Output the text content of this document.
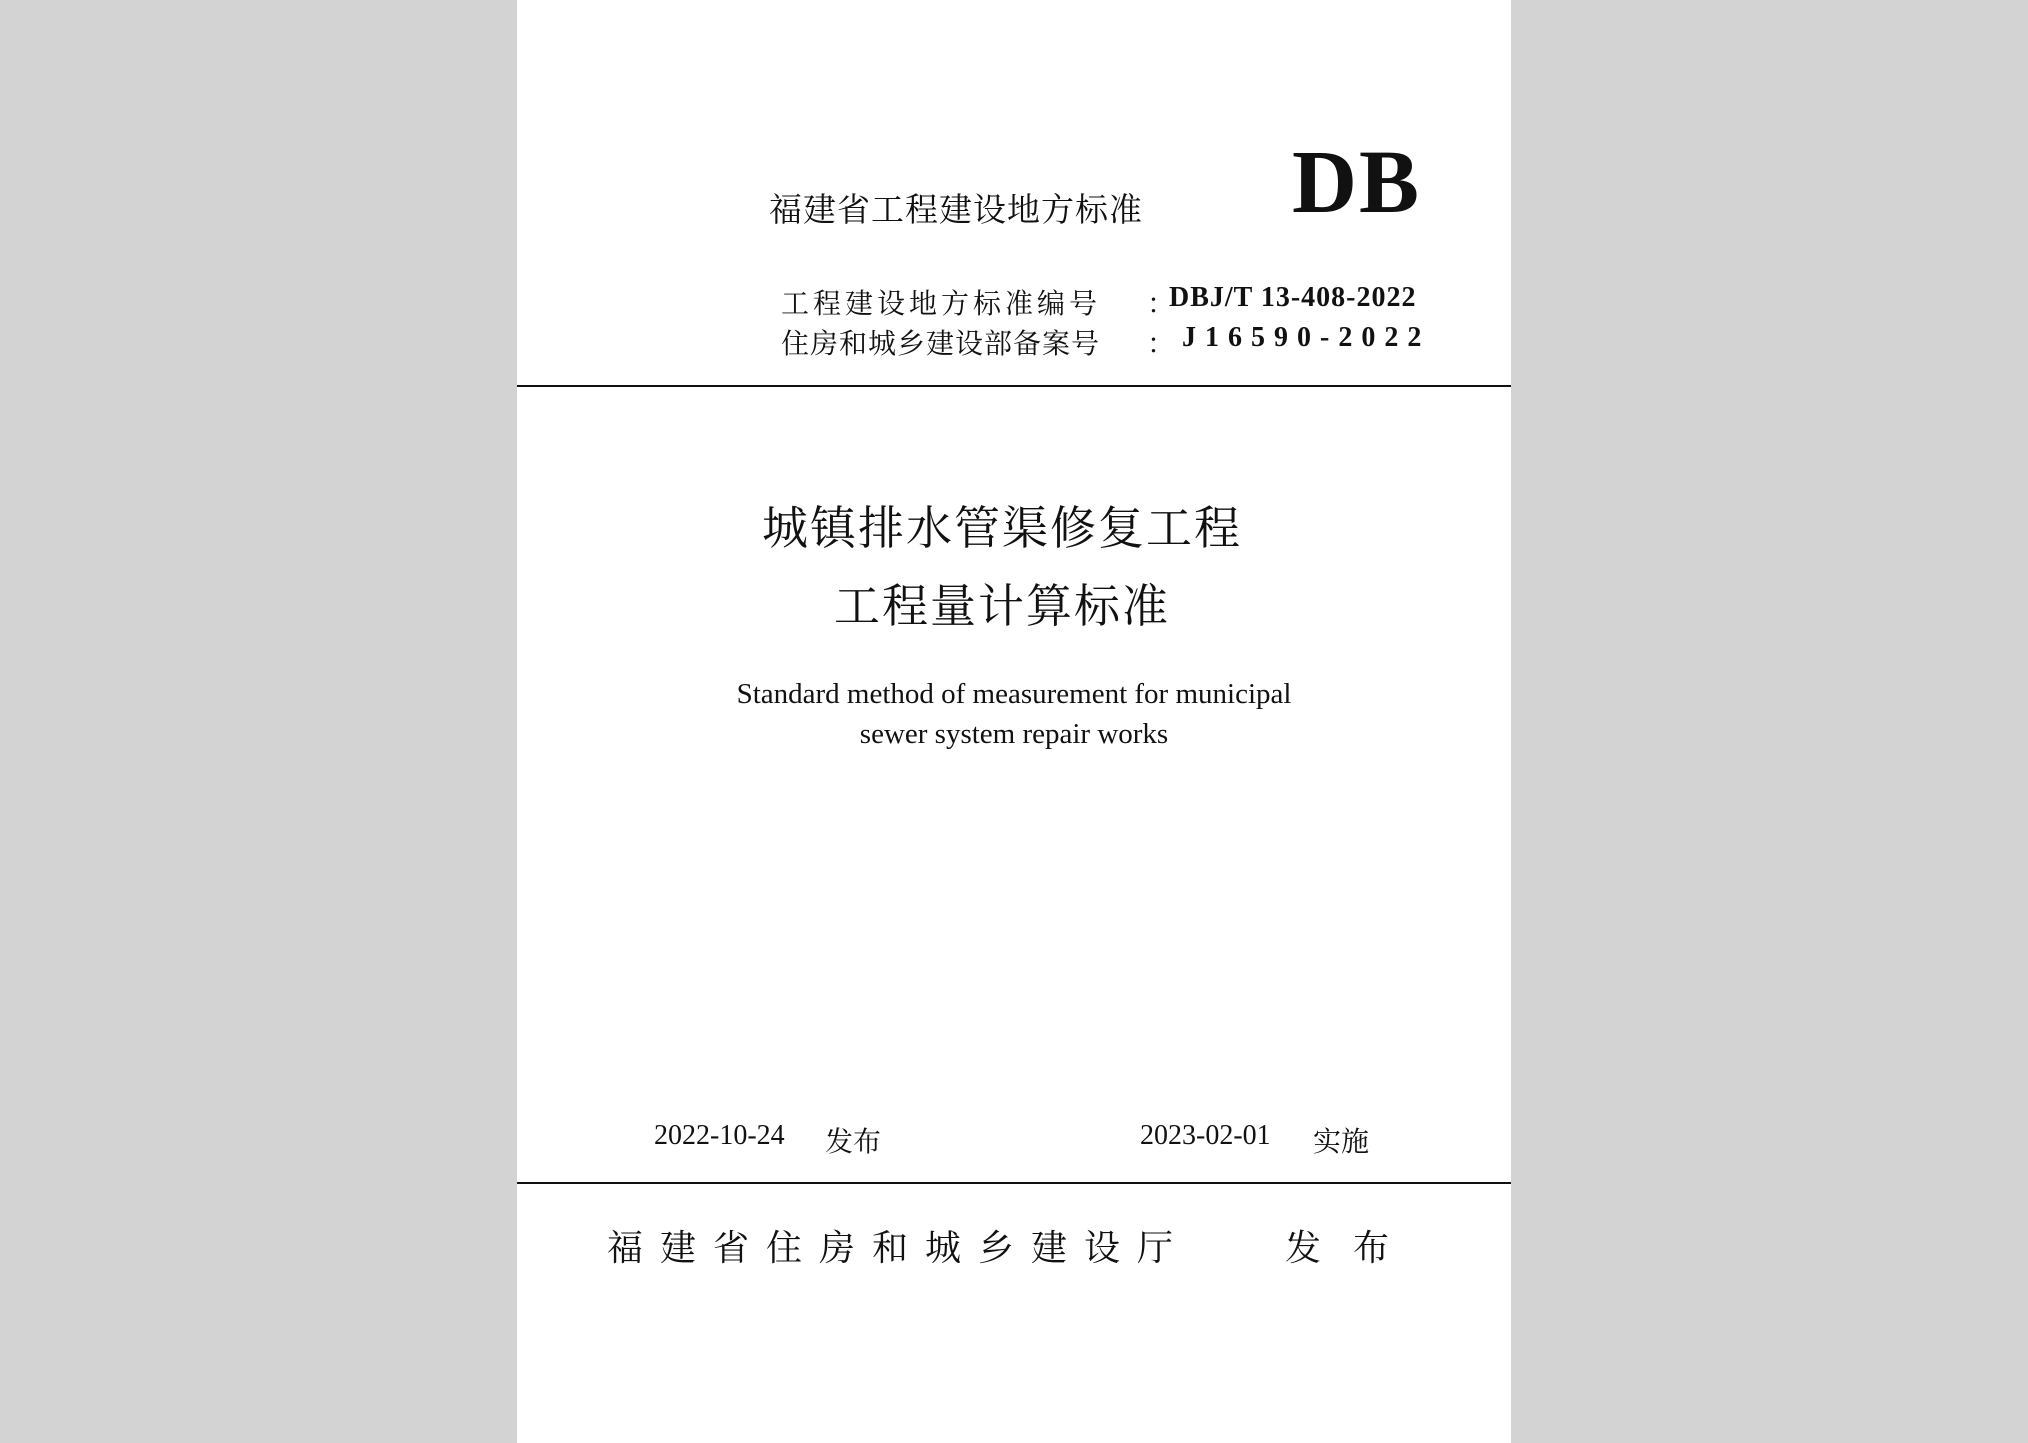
福建省工程建设地方标准 DB
工程建设地方标准编号 ：
DBJ/T 13-408-2022
住房和城乡建设部备案号 ： J16590-2022
城镇排水管渠修复工程
工程量计算标准
Standard method of measurement for municipal
sewer system repair works
2022-10-24 发布	2023-02-01 实施
福建省住房和城乡建设厅	发布
